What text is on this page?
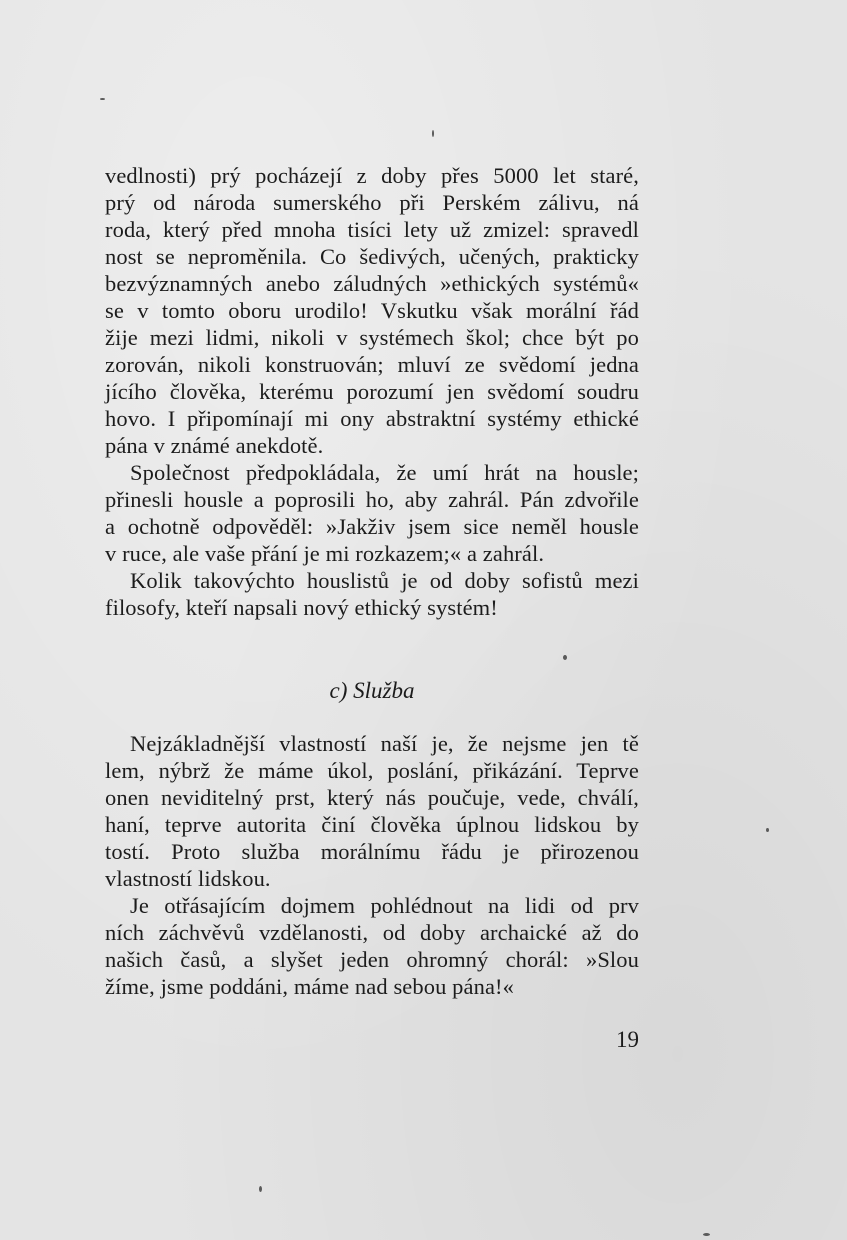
vedlnosti) prý pocházejí z doby přes 5000 let staré,
prý od národa sumerského při Perském zálivu, ná
roda, který před mnoha tisíci lety už zmizel: spravedl
nost se neproměnila. Co šedivých, učených, prakticky
bezvýznamných anebo záludných »ethických systémů«
se v tomto oboru urodilo! Vskutku však morální řád
žije mezi lidmi, nikoli v systémech škol; chce být po
zorován, nikoli konstruován; mluví ze svědomí jedna
jícího člověka, kterému porozumí jen svědomí soudru
hovo. I připomínají mi ony abstraktní systémy ethické
pána v známé anekdotě.
Společnost předpokládala, že umí hrát na housle;
přinesli housle a poprosili ho, aby zahrál. Pán zdvořile
a ochotně odpověděl: »Jakživ jsem sice neměl housle
v ruce, ale vaše přání je mi rozkazem;« a zahrál.
Kolik takovýchto houslistů je od doby sofistů mezi
filosofy, kteří napsali nový ethický systém!
c) Služba
Nejzákladnější vlastností naší je, že nejsme jen tě
lem, nýbrž že máme úkol, poslání, přikázání. Teprve
onen neviditelný prst, který nás poučuje, vede, chválí,
haní, teprve autorita činí člověka úplnou lidskou by
tostí. Proto služba morálnímu řádu je přirozenou
vlastností lidskou.
Je otřásajícím dojmem pohlédnout na lidi od prv
ních záchvěvů vzdělanosti, od doby archaické až do
našich časů, a slyšet jeden ohromný chorál: »Slou
žíme, jsme poddáni, máme nad sebou pána!«
19
